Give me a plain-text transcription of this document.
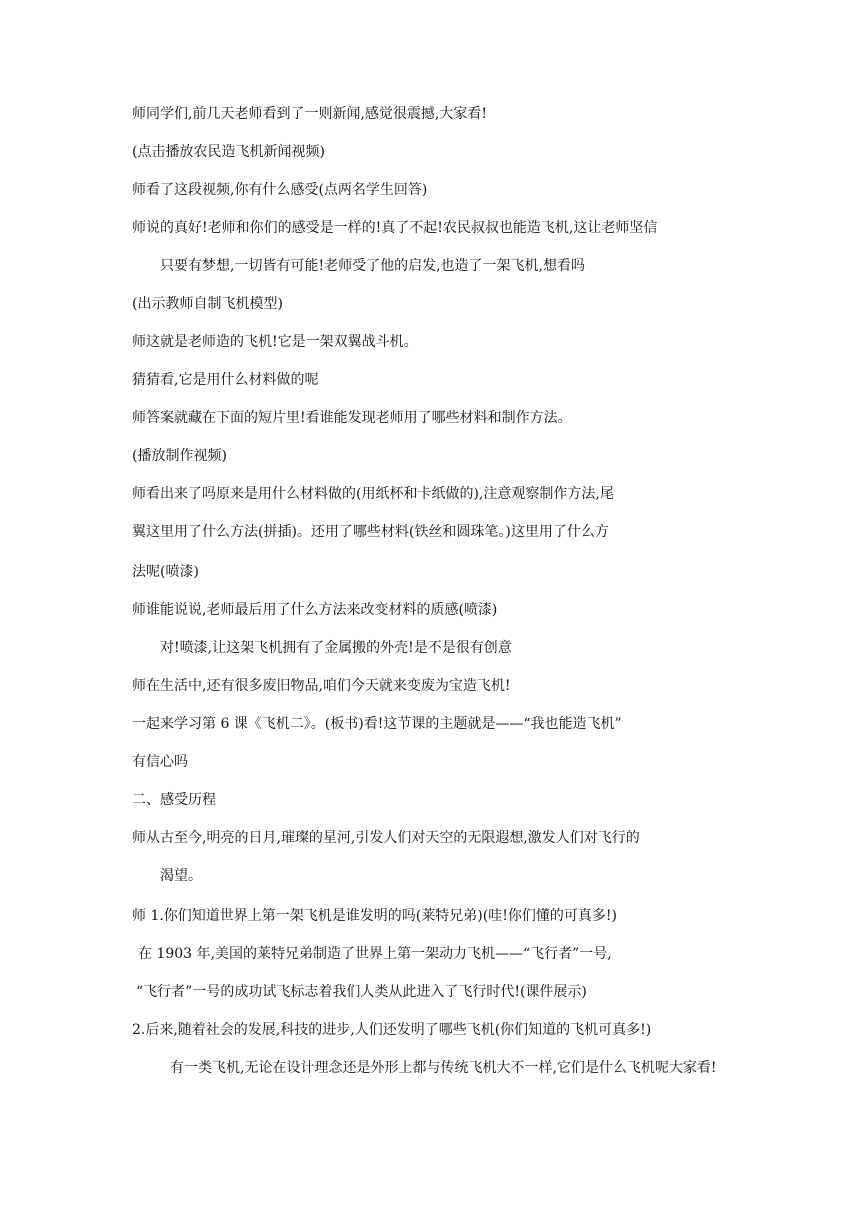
师同学们,前几天老师看到了一则新闻,感觉很震撼,大家看!
(点击播放农民造飞机新闻视频)
师看了这段视频,你有什么感受(点两名学生回答)
师说的真好!老师和你们的感受是一样的!真了不起!农民叔叔也能造飞机,这让老师坚信
只要有梦想,一切皆有可能!老师受了他的启发,也造了一架飞机,想看吗
(出示教师自制飞机模型)
师这就是老师造的飞机!它是一架双翼战斗机。
猜猜看,它是用什么材料做的呢
师答案就藏在下面的短片里!看谁能发现老师用了哪些材料和制作方法。
(播放制作视频)
师看出来了吗原来是用什么材料做的(用纸杯和卡纸做的),注意观察制作方法,尾
翼这里用了什么方法(拼插)。还用了哪些材料(铁丝和圆珠笔。)这里用了什么方
法呢(喷漆)
师谁能说说,老师最后用了什么方法来改变材料的质感(喷漆)
对!喷漆,让这架飞机拥有了金属搬的外壳!是不是很有创意
师在生活中,还有很多废旧物品,咱们今天就来变废为宝造飞机!
一起来学习第 6 课《飞机二》。(板书)看!这节课的主题就是——“我也能造飞机”
有信心吗
二、感受历程
师从古至今,明亮的日月,璀璨的星河,引发人们对天空的无限遐想,激发人们对飞行的
渴望。
师 1.你们知道世界上第一架飞机是谁发明的吗(莱特兄弟)(哇!你们懂的可真多!)
在 1903 年,美国的莱特兄弟制造了世界上第一架动力飞机——“飞行者”一号,
“飞行者”一号的成功试飞标志着我们人类从此进入了飞行时代!(课件展示)
2.后来,随着社会的发展,科技的进步,人们还发明了哪些飞机(你们知道的飞机可真多!)
有一类飞机,无论在设计理念还是外形上都与传统飞机大不一样,它们是什么飞机呢大家看!
